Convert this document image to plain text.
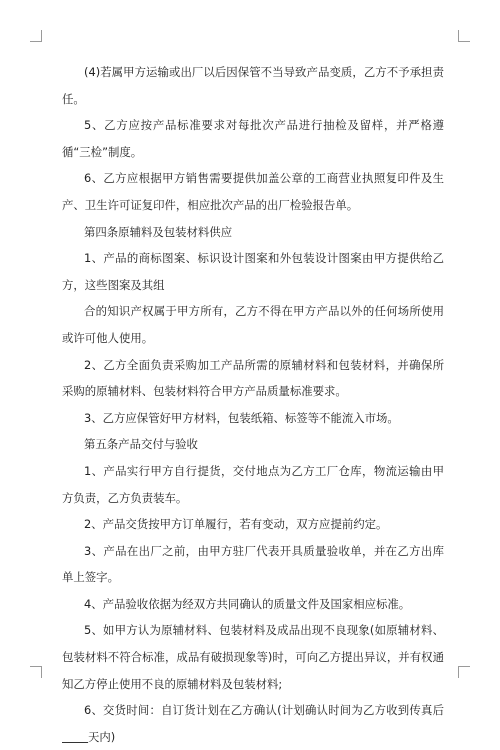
(4)若属甲方运输或出厂以后因保管不当导致产品变质，乙方不予承担责任。

5、乙方应按产品标准要求对每批次产品进行抽检及留样，并严格遵循“三检”制度。

6、乙方应根据甲方销售需要提供加盖公章的工商营业执照复印件及生产、卫生许可证复印件，相应批次产品的出厂检验报告单。

第四条原辅料及包装材料供应

1、产品的商标图案、标识设计图案和外包装设计图案由甲方提供给乙方，这些图案及其组

合的知识产权属于甲方所有，乙方不得在甲方产品以外的任何场所使用或许可他人使用。

2、乙方全面负责采购加工产品所需的原辅材料和包装材料，并确保所采购的原辅材料、包装材料符合甲方产品质量标准要求。

3、乙方应保管好甲方材料，包装纸箱、标签等不能流入市场。

第五条产品交付与验收

1、产品实行甲方自行提货，交付地点为乙方工厂仓库，物流运输由甲方负责，乙方负责装车。

2、产品交货按甲方订单履行，若有变动，双方应提前约定。

3、产品在出厂之前，由甲方驻厂代表开具质量验收单，并在乙方出库单上签字。

4、产品验收依据为经双方共同确认的质量文件及国家相应标准。

5、如甲方认为原辅材料、包装材料及成品出现不良现象(如原辅材料、包装材料不符合标准，成品有破损现象等)时，可向乙方提出异议，并有权通知乙方停止使用不良的原辅材料及包装材料;

6、交货时间：自订货计划在乙方确认(计划确认时间为乙方收到传真后天内)
